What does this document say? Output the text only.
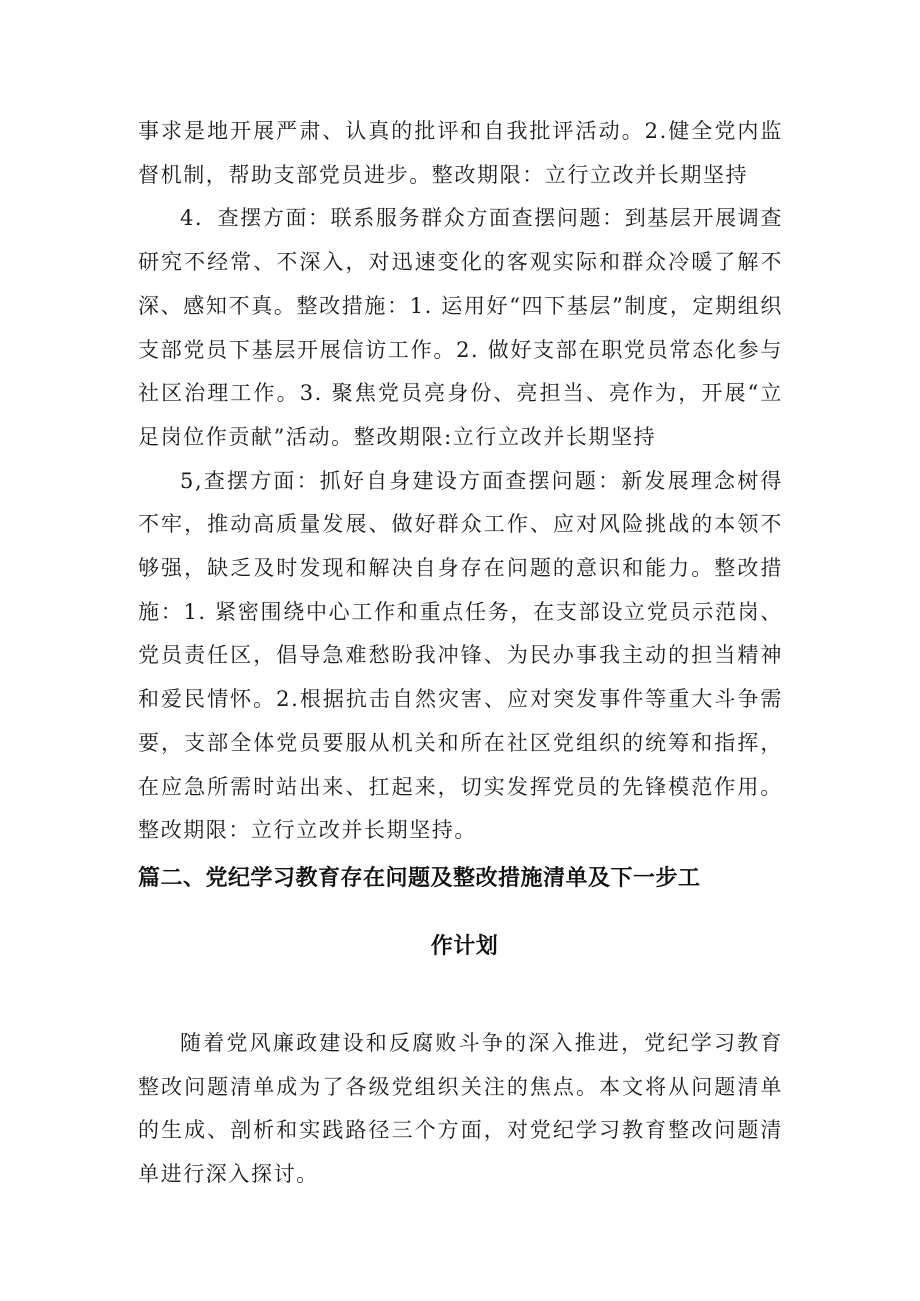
事求是地开展严肃、认真的批评和自我批评活动。2.健全党内监督机制，帮助支部党员进步。整改期限：立行立改并长期坚持

4．查摆方面：联系服务群众方面查摆问题：到基层开展调查研究不经常、不深入，对迅速变化的客观实际和群众冷暖了解不深、感知不真。整改措施：1. 运用好“四下基层”制度，定期组织支部党员下基层开展信访工作。2. 做好支部在职党员常态化参与社区治理工作。3. 聚焦党员亮身份、亮担当、亮作为，开展“立足岗位作贡献”活动。整改期限:立行立改并长期坚持

5,查摆方面：抓好自身建设方面查摆问题：新发展理念树得不牢，推动高质量发展、做好群众工作、应对风险挑战的本领不够强，缺乏及时发现和解决自身存在问题的意识和能力。整改措施：1. 紧密围绕中心工作和重点任务，在支部设立党员示范岗、党员责任区，倡导急难愁盼我冲锋、为民办事我主动的担当精神和爱民情怀。2.根据抗击自然灾害、应对突发事件等重大斗争需要，支部全体党员要服从机关和所在社区党组织的统筹和指挥，在应急所需时站出来、扛起来，切实发挥党员的先锋模范作用。整改期限：立行立改并长期坚持。

篇二、党纪学习教育存在问题及整改措施清单及下一步工
作计划

随着党风廉政建设和反腐败斗争的深入推进，党纪学习教育整改问题清单成为了各级党组织关注的焦点。本文将从问题清单的生成、剖析和实践路径三个方面，对党纪学习教育整改问题清单进行深入探讨。
